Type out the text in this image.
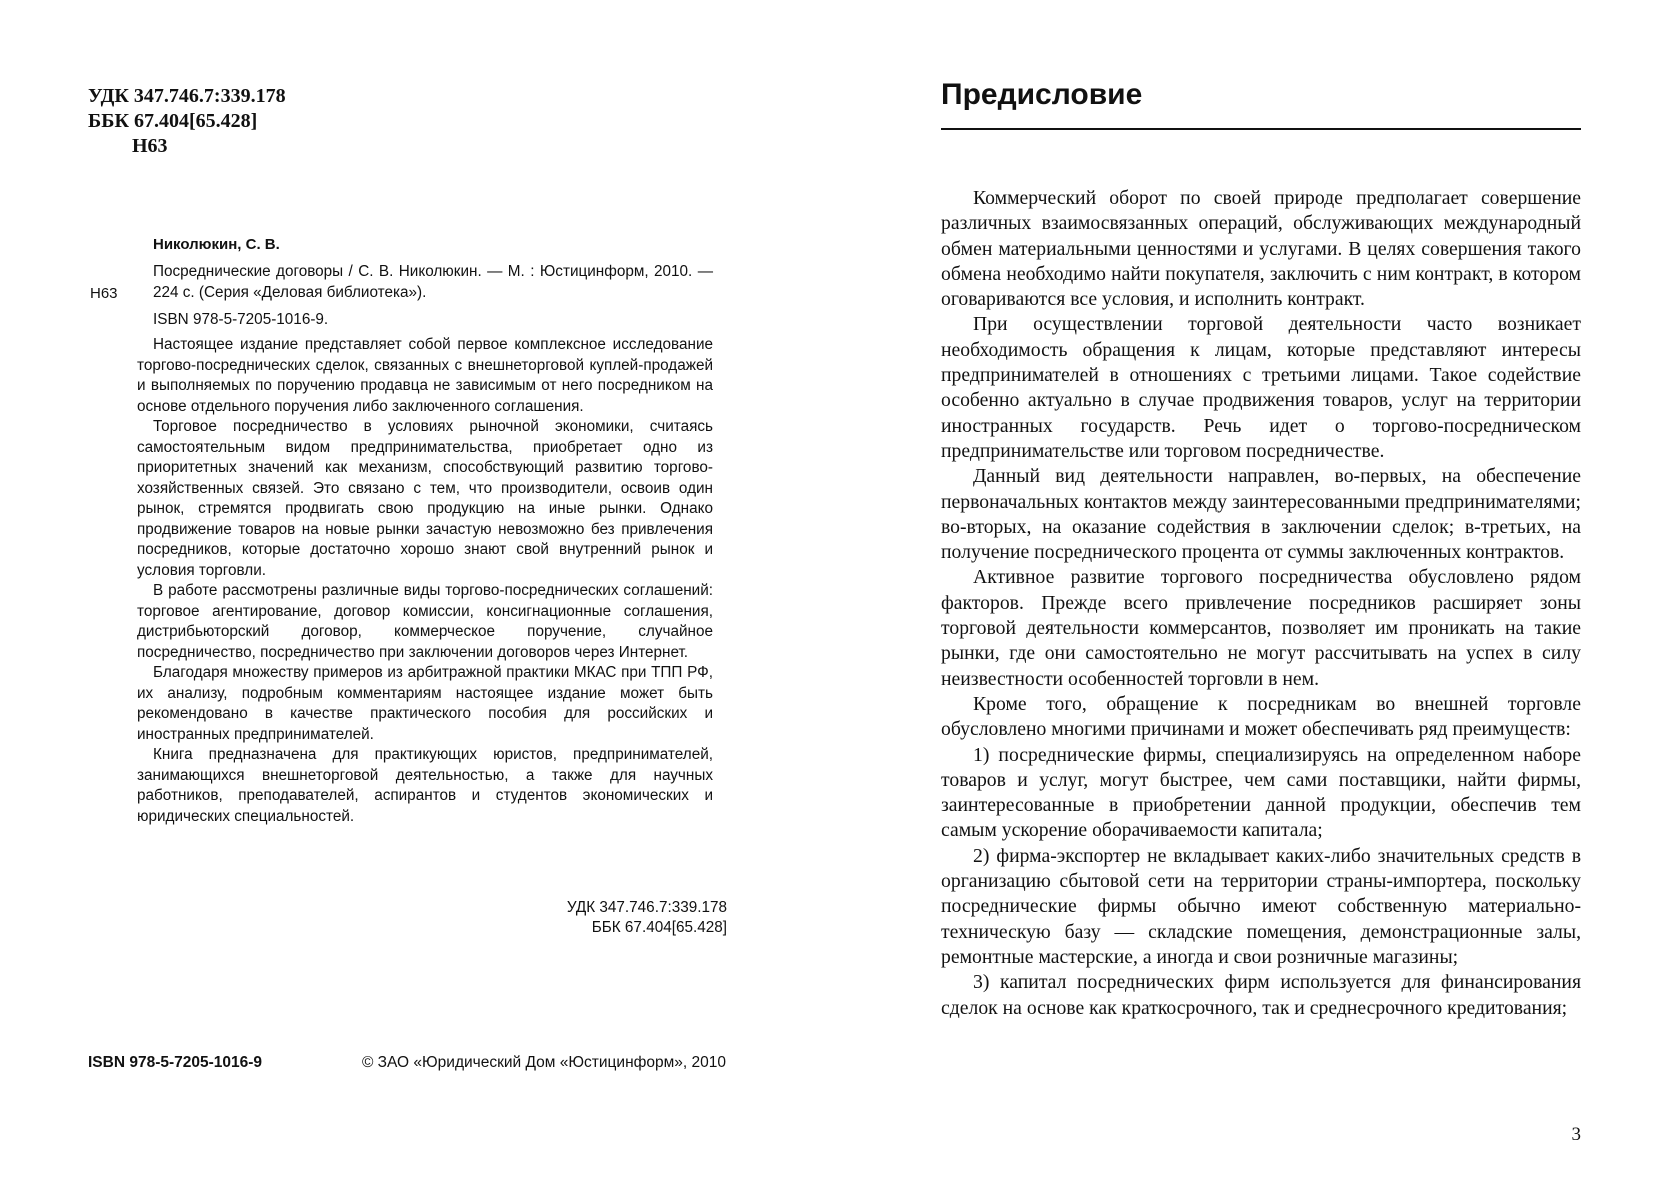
УДК 347.746.7:339.178
ББК 67.404[65.428]
Н63
Николюкин, С. В.
Н63

Посреднические договоры / С. В. Николюкин. — М. : Юстицинформ, 2010. — 224 с. (Серия «Деловая библиотека»).

ISBN 978-5-7205-1016-9.

Настоящее издание представляет собой первое комплексное исследование торгово-посреднических сделок, связанных с внешнеторговой куплей-продажей и выполняемых по поручению продавца не зависимым от него посредником на основе отдельного поручения либо заключенного соглашения.

Торговое посредничество в условиях рыночной экономики, считаясь самостоятельным видом предпринимательства, приобретает одно из приоритетных значений как механизм, способствующий развитию торгово-хозяйственных связей. Это связано с тем, что производители, освоив один рынок, стремятся продвигать свою продукцию на иные рынки. Однако продвижение товаров на новые рынки зачастую невозможно без привлечения посредников, которые достаточно хорошо знают свой внутренний рынок и условия торговли.

В работе рассмотрены различные виды торгово-посреднических соглашений: торговое агентирование, договор комиссии, консигнационные соглашения, дистрибьюторский договор, коммерческое поручение, случайное посредничество, посредничество при заключении договоров через Интернет.

Благодаря множеству примеров из арбитражной практики МКАС при ТПП РФ, их анализу, подробным комментариям настоящее издание может быть рекомендовано в качестве практического пособия для российских и иностранных предпринимателей.

Книга предназначена для практикующих юристов, предпринимателей, занимающихся внешнеторговой деятельностью, а также для научных работников, преподавателей, аспирантов и студентов экономических и юридических специальностей.

УДК 347.746.7:339.178
ББК 67.404[65.428]
ISBN 978-5-7205-1016-9	© ЗАО «Юридический Дом «Юстицинформ», 2010
Предисловие

Коммерческий оборот по своей природе предполагает совершение различных взаимосвязанных операций, обслуживающих международный обмен материальными ценностями и услугами. В целях совершения такого обмена необходимо найти покупателя, заключить с ним контракт, в котором оговариваются все условия, и исполнить контракт.

При осуществлении торговой деятельности часто возникает необходимость обращения к лицам, которые представляют интересы предпринимателей в отношениях с третьими лицами. Такое содействие особенно актуально в случае продвижения товаров, услуг на территории иностранных государств. Речь идет о торгово-посредническом предпринимательстве или торговом посредничестве.

Данный вид деятельности направлен, во-первых, на обеспечение первоначальных контактов между заинтересованными предпринимателями; во-вторых, на оказание содействия в заключении сделок; в-третьих, на получение посреднического процента от суммы заключенных контрактов.

Активное развитие торгового посредничества обусловлено рядом факторов. Прежде всего привлечение посредников расширяет зоны торговой деятельности коммерсантов, позволяет им проникать на такие рынки, где они самостоятельно не могут рассчитывать на успех в силу неизвестности особенностей торговли в нем.

Кроме того, обращение к посредникам во внешней торговле обусловлено многими причинами и может обеспечивать ряд преимуществ:

1) посреднические фирмы, специализируясь на определенном наборе товаров и услуг, могут быстрее, чем сами поставщики, найти фирмы, заинтересованные в приобретении данной продукции, обеспечив тем самым ускорение оборачиваемости капитала;

2) фирма-экспортер не вкладывает каких-либо значительных средств в организацию сбытовой сети на территории страны-импортера, поскольку посреднические фирмы обычно имеют собственную материально-техническую базу — складские помещения, демонстрационные залы, ремонтные мастерские, а иногда и свои розничные магазины;

3) капитал посреднических фирм используется для финансирования сделок на основе как краткосрочного, так и среднесрочного кредитования;

3
